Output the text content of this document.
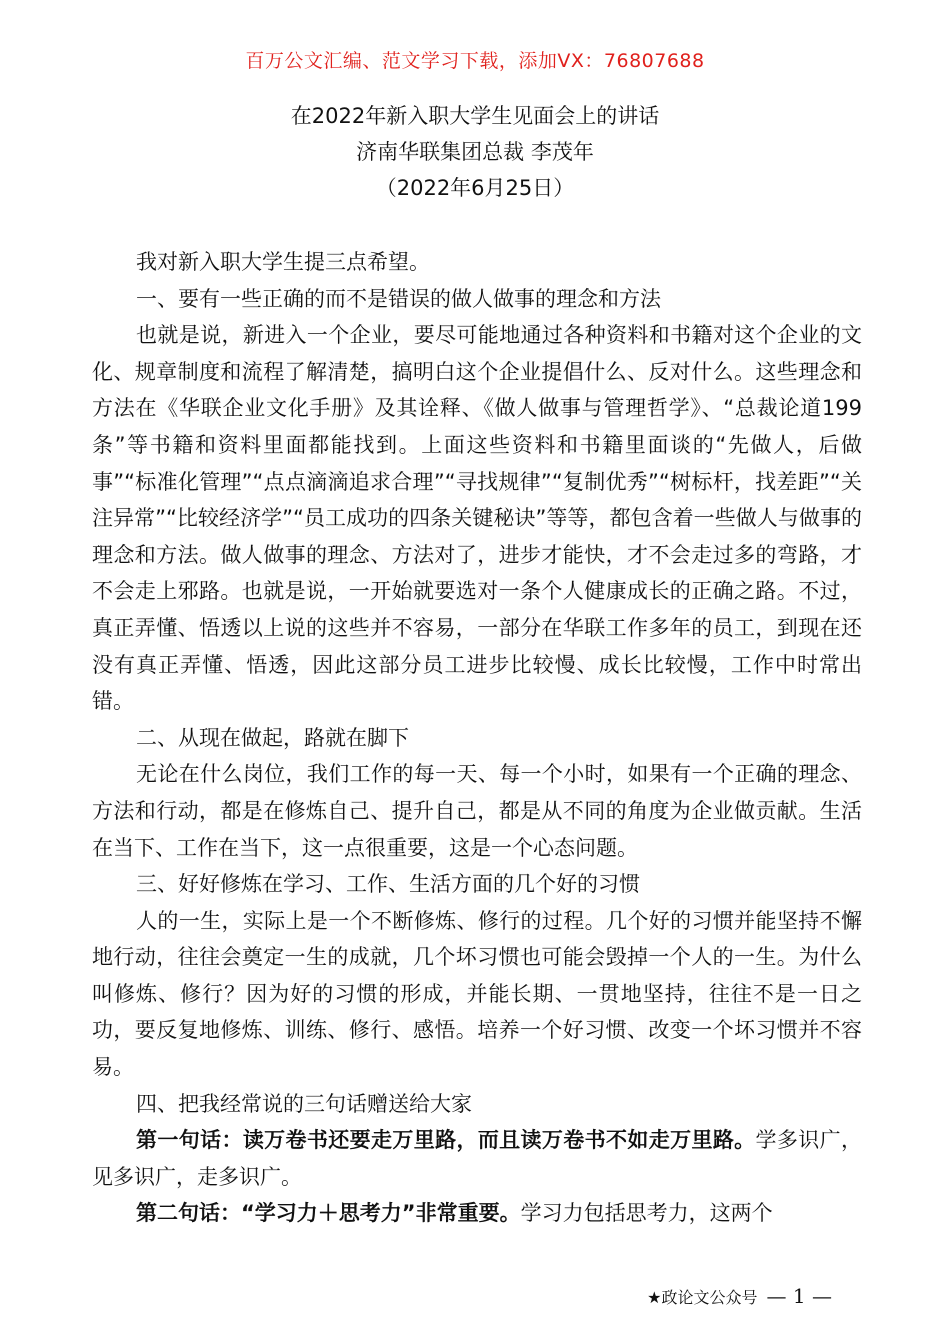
百万公文汇编、范文学习下载，添加VX：76807688
在2022年新入职大学生见面会上的讲话
济南华联集团总裁 李茂年
（2022年6月25日）

我对新入职大学生提三点希望。

一、要有一些正确的而不是错误的做人做事的理念和方法

也就是说，新进入一个企业，要尽可能地通过各种资料和书籍对这个企业的文化、规章制度和流程了解清楚，搞明白这个企业提倡什么、反对什么。这些理念和方法在《华联企业文化手册》及其诠释、《做人做事与管理哲学》、“总裁论道199条”等书籍和资料里面都能找到。上面这些资料和书籍里面谈的“先做人，后做事”“标准化管理”“点点滴滴追求合理”“寻找规律”“复制优秀”“树标杆，找差距”“关注异常”“比较经济学”“员工成功的四条关键秘诀”等等，都包含着一些做人与做事的理念和方法。做人做事的理念、方法对了，进步才能快，才不会走过多的弯路，才不会走上邪路。也就是说，一开始就要选对一条个人健康成长的正确之路。不过，真正弄懂、悟透以上说的这些并不容易，一部分在华联工作多年的员工，到现在还没有真正弄懂、悟透，因此这部分员工进步比较慢、成长比较慢，工作中时常出错。

二、从现在做起，路就在脚下

无论在什么岗位，我们工作的每一天、每一个小时，如果有一个正确的理念、方法和行动，都是在修炼自己、提升自己，都是从不同的角度为企业做贡献。生活在当下、工作在当下，这一点很重要，这是一个心态问题。

三、好好修炼在学习、工作、生活方面的几个好的习惯

人的一生，实际上是一个不断修炼、修行的过程。几个好的习惯并能坚持不懈地行动，往往会奠定一生的成就，几个坏习惯也可能会毁掉一个人的一生。为什么叫修炼、修行？因为好的习惯的形成，并能长期、一贯地坚持，往往不是一日之功，要反复地修炼、训练、修行、感悟。培养一个好习惯、改变一个坏习惯并不容易。

四、把我经常说的三句话赠送给大家

第一句话：读万卷书还要走万里路，而且读万卷书不如走万里路。学多识广，见多识广，走多识广。

第二句话：“学习力＋思考力”非常重要。学习力包括思考力，这两个

★政论文公众号 — 1 —
